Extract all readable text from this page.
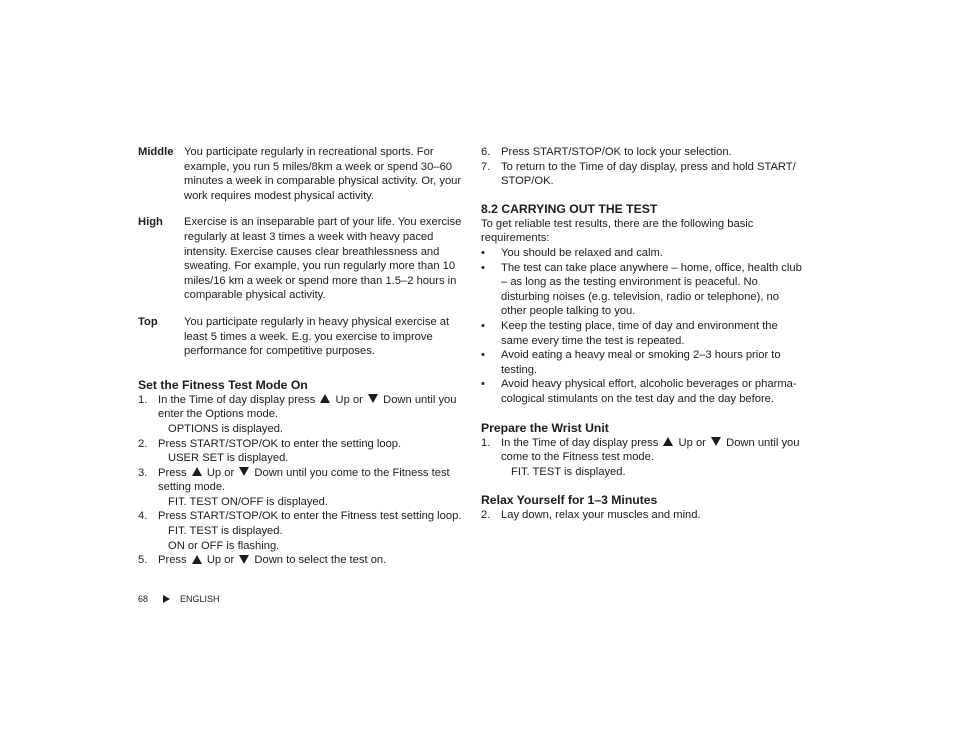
Middle You participate regularly in recreational sports. For example, you run 5 miles/8km a week or spend 30–60 minutes a week in comparable physical activity. Or, your work requires modest physical activity.
High	Exercise is an inseparable part of your life. You exercise regularly at least 3 times a week with heavy paced intensity. Exercise causes clear breathlessness and sweating. For example, you run regularly more than 10 miles/16 km a week or spend more than 1.5–2 hours in comparable physical activity.
Top	You participate regularly in heavy physical exercise at least 5 times a week. E.g. you exercise to improve performance for competitive purposes.
Set the Fitness Test Mode On
1. In the Time of day display press Up or Down until you enter the Options mode.
OPTIONS is displayed.
2. Press START/STOP/OK to enter the setting loop.
USER SET is displayed.
3. Press Up or Down until you come to the Fitness test setting mode.
FIT. TEST ON/OFF is displayed.
4. Press START/STOP/OK to enter the Fitness test setting loop.
FIT. TEST is displayed.
ON or OFF is flashing.
5. Press Up or Down to select the test on.
6. Press START/STOP/OK to lock your selection.
7. To return to the Time of day display, press and hold START/ STOP/OK.
8.2 CARRYING OUT THE TEST

To get reliable test results, there are the following basic requirements:

• You should be relaxed and calm.
• The test can take place anywhere – home, office, health club – as long as the testing environment is peaceful. No disturbing noises (e.g. television, radio or telephone), no other people talking to you.
• Keep the testing place, time of day and environment the same every time the test is repeated.
• Avoid eating a heavy meal or smoking 2–3 hours prior to testing.
• Avoid heavy physical effort, alcoholic beverages or pharma-cological stimulants on the test day and the day before.
Prepare the Wrist Unit
1. In the Time of day display press Up or Down until you come to the Fitness test mode.
FIT. TEST is displayed.
Relax Yourself for 1–3 Minutes
2. Lay down, relax your muscles and mind.
68	ENGLISH
